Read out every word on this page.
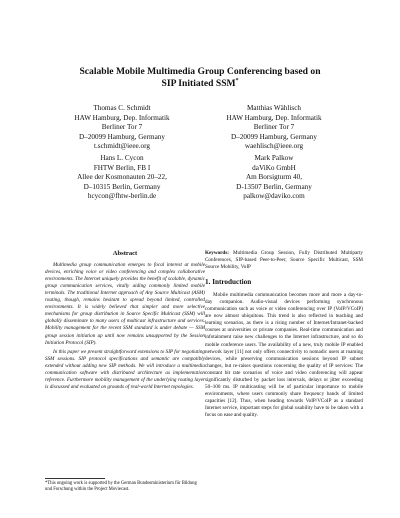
Scalable Mobile Multimedia Group Conferencing based on
SIP Initiated SSM*
Thomas C. Schmidt
HAW Hamburg, Dep. Informatik
Berliner Tor 7
D–20099 Hamburg, Germany
t.schmidt@ieee.org
Matthias Wählisch
HAW Hamburg, Dep. Informatik
Berliner Tor 7
D–20099 Hamburg, Germany
waehlisch@ieee.org
Hans L. Cycon
FHTW Berlin, FB I
Allee der Kosmonauten 20–22,
D–10315 Berlin, Germany
hcycon@fhtw-berlin.de
Mark Palkow
daViKo GmbH
Am Borsigturm 40,
D-13507 Berlin, Germany
palkow@daviko.com
Abstract
Multimedia group communication emerges to focal interest at mobile devices, enriching voice or video conferencing and complex collaborative environments. The Internet uniquely provides the benefit of scalable, dynamic group communication services, vitally aiding commonly limited mobile terminals. The traditional Internet approach of Any Source Multicast (ASM) routing, though, remains hesitant to spread beyond limited, controlled environments. It is widely believed that simpler and more selective mechanisms for group distribution in Source Specific Multicast (SSM) will globally disseminate to many users of multicast infrastructure and services. Mobility management for the recent SSM standard is under debate — SSM group session initiation up until now remains unsupported by the Session Initiation Protocol (SIP).
In this paper we present straightforward extensions to SIP for negotiating SSM sessions. SIP protocol specifications and semantic are compatibly extended without adding new SIP methods. We will introduce a multimedia communication software with distributed architecture as implementation reference. Furthermore mobility management of the underlying routing layer is discussed and evaluated on grounds of real-world Internet topologies.
*This ongoing work is supported by the German Bundesministerium für Bildung und Forschung within the Project Moviecast.
Keywords: Multimedia Group Session, Fully Distributed Multiparty Conferences, SIP-based Peer-to-Peer, Source Specific Multicast, SSM Source Mobility, VoIP
1. Introduction
Mobile multimedia communication becomes more and more a day-to-day companion. Audio-visual devices performing synchronous communication such as voice or video conferencing over IP (VoIP/VCoIP) are now almost ubiquitous. This trend is also reflected in teaching and learning scenarios, as there is a rising number of Internet/Intranet-backed courses at universities or private companies. Real-time communication and infotainment raise new challenges to the Internet infrastructure, and so do mobile conference users. The availability of a new, truly mobile IP enabled network layer [11] not only offers connectivity to nomadic users at roaming devices, while preserving communication sessions beyond IP subnet changes, but re-raises questions concerning the quality of IP services: The constant bit rate scenarios of voice and video conferencing will appear significantly disturbed by packet loss intervals, delays or jitter exceeding 50–100 ms. IP multicasting will be of particular importance to mobile environments, where users commonly share frequency bands of limited capacities [12]. Thus, when heading towards VoIP/VCoIP as a standard Internet service, important steps for global usability have to be taken with a focus on ease and quality.
